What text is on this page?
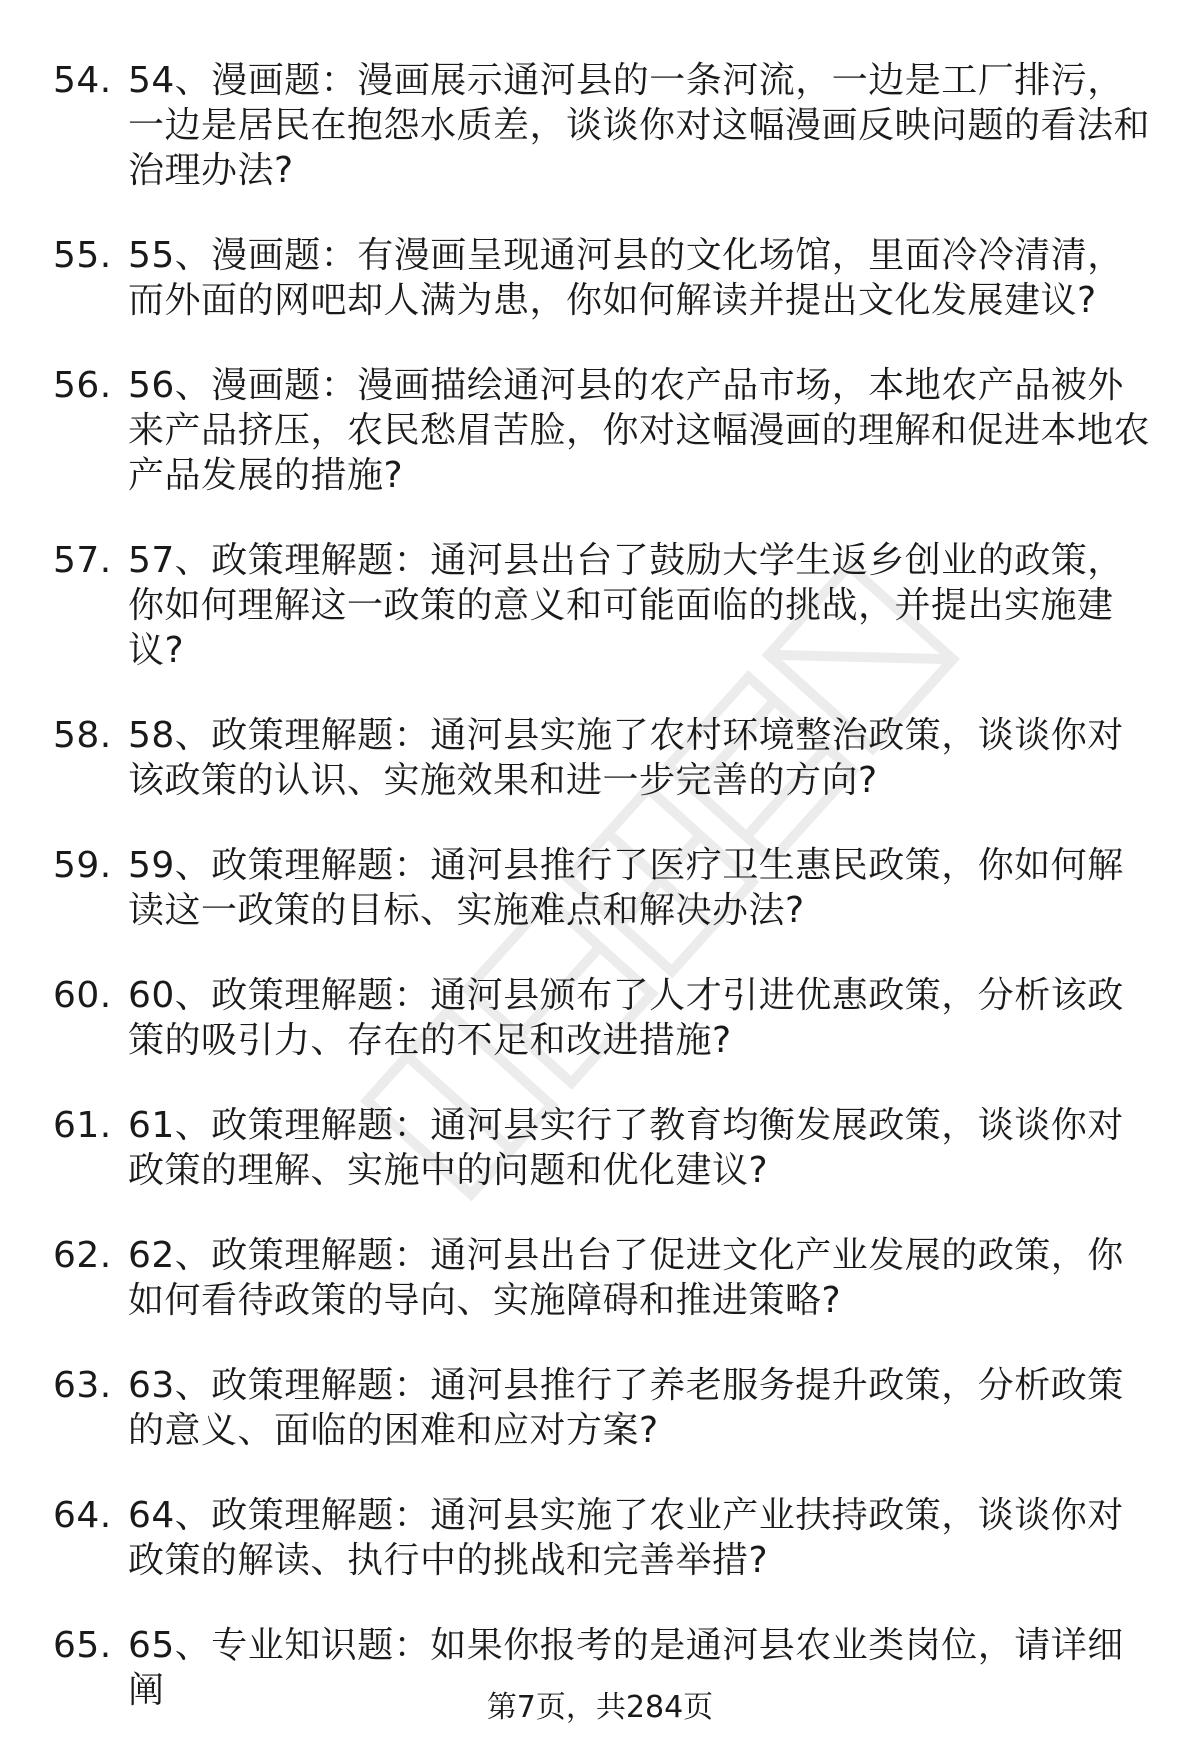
54. 54、漫画题：漫画展示通河县的一条河流，一边是工厂排污，一边是居民在抱怨水质差，谈谈你对这幅漫画反映问题的看法和治理办法?
55. 55、漫画题：有漫画呈现通河县的文化场馆，里面冷冷清清，而外面的网吧却人满为患，你如何解读并提出文化发展建议?
56. 56、漫画题：漫画描绘通河县的农产品市场，本地农产品被外来产品挤压，农民愁眉苦脸，你对这幅漫画的理解和促进本地农产品发展的措施?
57. 57、政策理解题：通河县出台了鼓励大学生返乡创业的政策，你如何理解这一政策的意义和可能面临的挑战，并提出实施建议?
58. 58、政策理解题：通河县实施了农村环境整治政策，谈谈你对该政策的认识、实施效果和进一步完善的方向?
59. 59、政策理解题：通河县推行了医疗卫生惠民政策，你如何解读这一政策的目标、实施难点和解决办法?
60. 60、政策理解题：通河县颁布了人才引进优惠政策，分析该政策的吸引力、存在的不足和改进措施?
61. 61、政策理解题：通河县实行了教育均衡发展政策，谈谈你对政策的理解、实施中的问题和优化建议?
62. 62、政策理解题：通河县出台了促进文化产业发展的政策，你如何看待政策的导向、实施障碍和推进策略?
63. 63、政策理解题：通河县推行了养老服务提升政策，分析政策的意义、面临的困难和应对方案?
64. 64、政策理解题：通河县实施了农业产业扶持政策，谈谈你对政策的解读、执行中的挑战和完善举措?
65. 65、专业知识题：如果你报考的是通河县农业类岗位，请详细阐	第7页，共284页
